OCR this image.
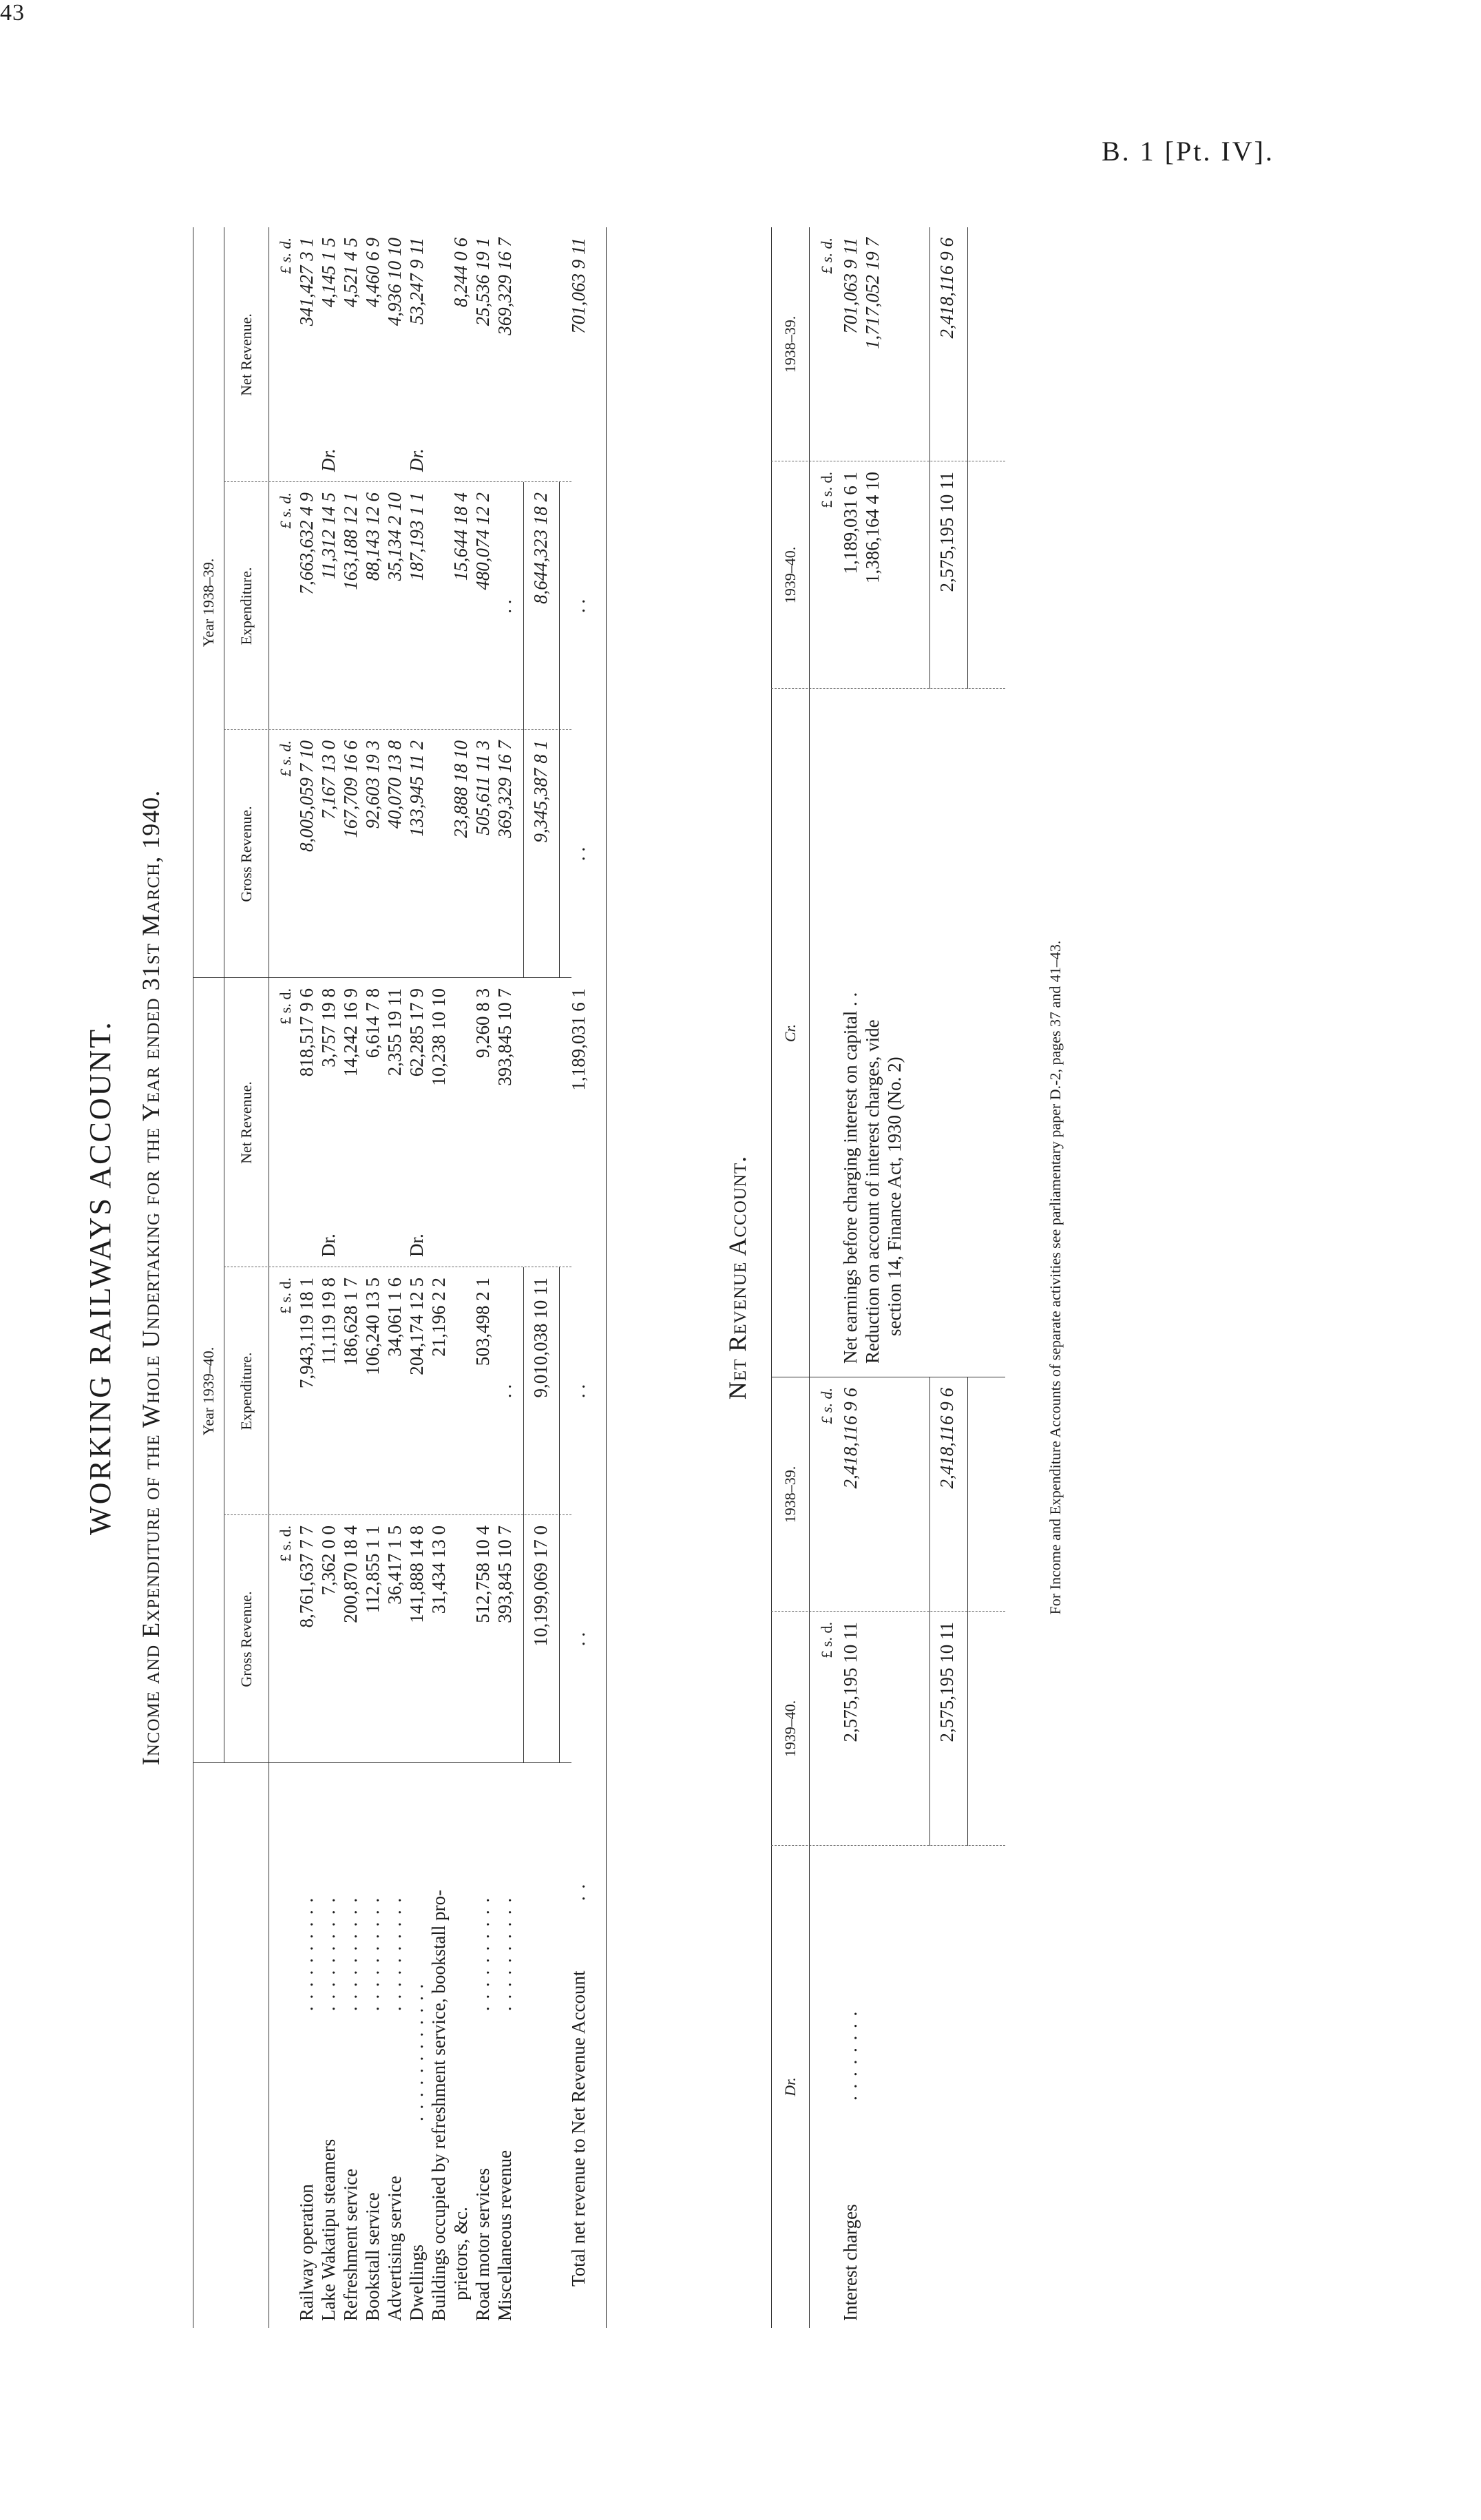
43
B. 1 [Pt. IV].
WORKING RAILWAYS ACCOUNT. Income and Expenditure of the Whole Undertaking for the Year ended 31st March, 1940. Year 1939–40.
Year 1938–39.
Gross Revenue.
Expenditure.
Net Revenue.
Gross Revenue.
Expenditure.
Net Revenue.
£ s. d.
£ s. d.
£ s. d.
£ s. d.
£ s. d.
£ s. d.
Railway operation
. . . . . . . . . .
8,761,637 7 7
7,943,119 18 1
818,517 9 6
8,005,059 7 10
7,663,632 4 9
341,427 3 1
Lake Wakatipu steamers
. . . . . . . . . .
7,362 0 0
11,119 19 8
Dr.
3,757 19 8
7,167 13 0
11,312 14 5
Dr.
4,145 1 5
Refreshment service
. . . . . . . . . .
200,870 18 4
186,628 1 7
14,242 16 9
167,709 16 6
163,188 12 1
4,521 4 5
Bookstall service
. . . . . . . . . .
112,855 1 1
106,240 13 5
6,614 7 8
92,603 19 3
88,143 12 6
4,460 6 9
Advertising service
. . . . . . . . . .
36,417 1 5
34,061 1 6
2,355 19 11
40,070 13 8
35,134 2 10
4,936 10 10
Dwellings
. . . . . . . . . . . .
141,888 14 8
204,174 12 5
Dr.
62,285 17 9
133,945 11 2
187,193 1 1
Dr.
53,247 9 11
Buildings occupied by refreshment service, bookstall pro-
31,434 13 0
21,196 2 2
10,238 10 10
prietors, &c.
23,888 18 10
15,644 18 4
8,244 0 6
Road motor services
. . . . . . . . . .
512,758 10 4
503,498 2 1
9,260 8 3
505,611 11 3
480,074 12 2
25,536 19 1
Miscellaneous revenue
. . . . . . . . . .
393,845 10 7
. .
393,845 10 7
369,329 16 7
. .
369,329 16 7
10,199,069 17 0
9,010,038 10 11
9,345,387 8 1
8,644,323 18 2
Total net revenue to Net Revenue Account
. .
. .
. .
1,189,031 6 1
. .
. .
701,063 9 11
Net Revenue Account.
Dr.
1939–40.
1938–39.
Cr.
1939–40.
1938–39.
£ s. d.
£ s. d.
£ s. d.
£ s. d.
Interest charges
. . . . . . . .
2,575,195 10 11
2,418,116 9 6
Net earnings before charging interest on capital . .
1,189,031 6 1
701,063 9 11
Reduction on account of interest charges, vide
1,386,164 4 10
1,717,052 19 7
section 14, Finance Act, 1930 (No. 2)
2,575,195 10 11
2,418,116 9 6
2,575,195 10 11
2,418,116 9 6
For Income and Expenditure Accounts of separate activities see parliamentary paper D.-2, pages 37 and 41–43.
